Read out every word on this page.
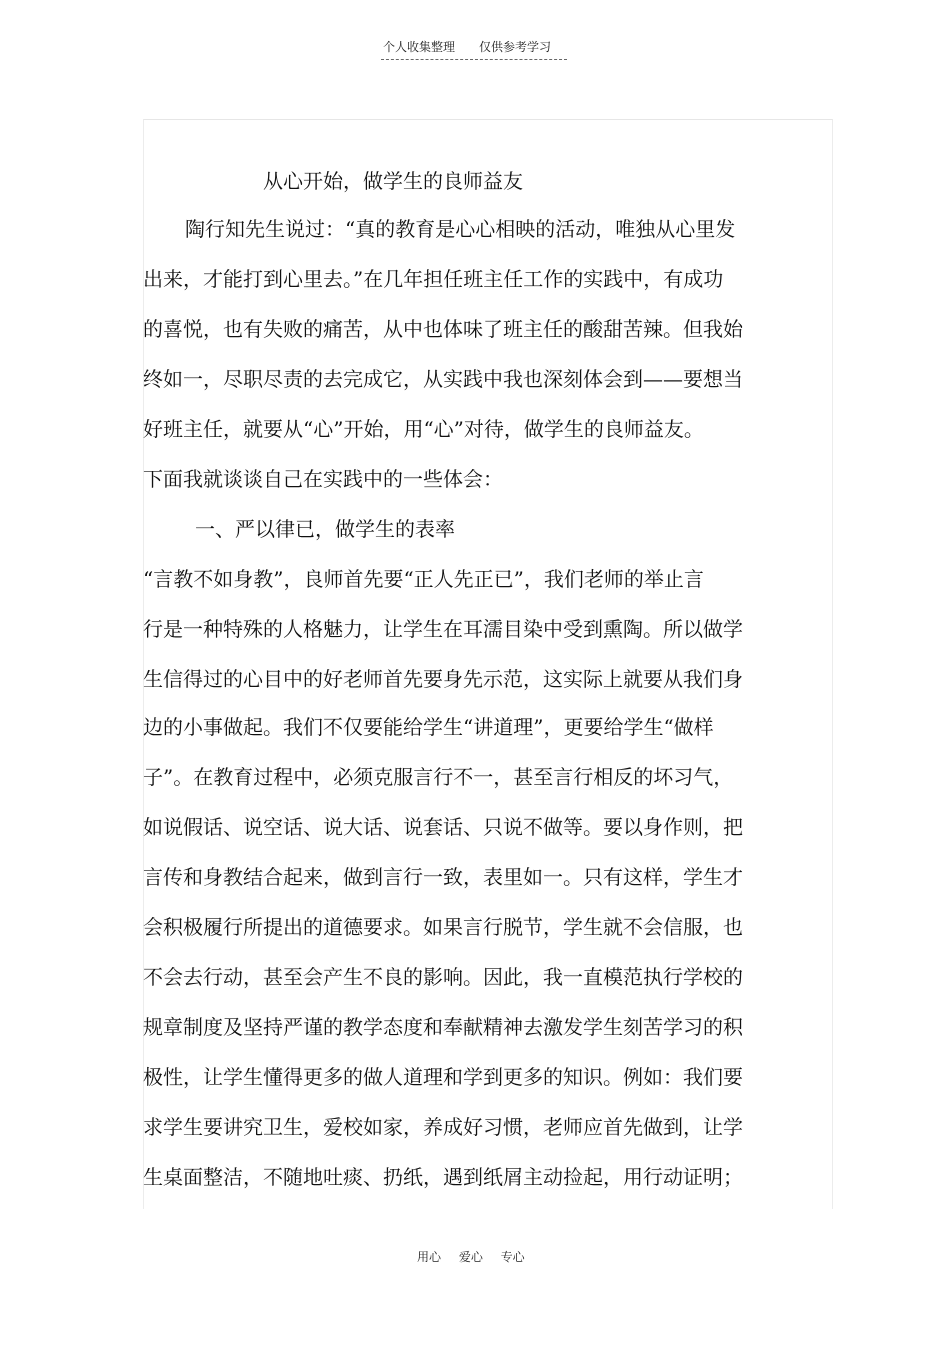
个人收集整理 仅供参考学习
从心开始，做学生的良师益友
陶行知先生说过：“真的教育是心心相映的活动，唯独从心里发
出来，才能打到心里去。”在几年担任班主任工作的实践中，有成功
的喜悦，也有失败的痛苦，从中也体味了班主任的酸甜苦辣。但我始
终如一，尽职尽责的去完成它，从实践中我也深刻体会到——要想当
好班主任，就要从“心”开始，用“心”对待，做学生的良师益友。
下面我就谈谈自己在实践中的一些体会：
一、严以律已，做学生的表率
“言教不如身教”，良师首先要“正人先正已”，我们老师的举止言
行是一种特殊的人格魅力，让学生在耳濡目染中受到熏陶。所以做学
生信得过的心目中的好老师首先要身先示范，这实际上就要从我们身
边的小事做起。我们不仅要能给学生“讲道理”，更要给学生“做样
子”。在教育过程中，必须克服言行不一，甚至言行相反的坏习气，
如说假话、说空话、说大话、说套话、只说不做等。要以身作则，把
言传和身教结合起来，做到言行一致，表里如一。只有这样，学生才
会积极履行所提出的道德要求。如果言行脱节，学生就不会信服，也
不会去行动，甚至会产生不良的影响。因此，我一直模范执行学校的
规章制度及坚持严谨的教学态度和奉献精神去激发学生刻苦学习的积
极性，让学生懂得更多的做人道理和学到更多的知识。例如：我们要
求学生要讲究卫生，爱校如家，养成好习惯，老师应首先做到，让学
生桌面整洁，不随地吐痰、扔纸，遇到纸屑主动捡起，用行动证明；
用心 爱心 专心
